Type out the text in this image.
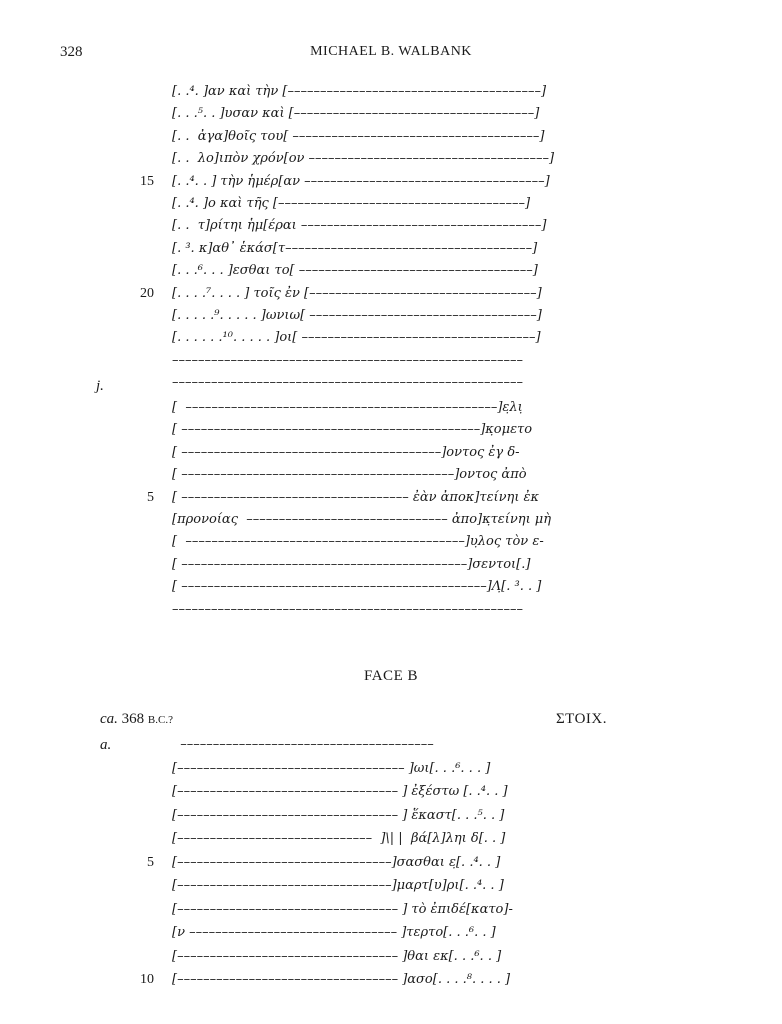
328	MICHAEL B. WALBANK
[. .⁴. ]αν καὶ τὴν [–––––––––––––––––––––––––––––––––––––––]
[. . .⁵. . ]υσαν καὶ [–––––––––––––––––––––––––––––––––––––]
[. .  ἀγα]θοῖς του[ ––––––––––––––––––––––––––––––––––––––]
[. .  λο]ιπὸν χρόν[ον –––––––––––––––––––––––––––––––––––––]
15 [. .⁴. . ] τὴν ἡμέρ[αν –––––––––––––––––––––––––––––––––––––]
[. .⁴. ]ο καὶ τῆς [––––––––––––––––––––––––––––––––––––––]
[. .  τ]ρίτηι ἡμ[έραι –––––––––––––––––––––––––––––––––––––]
[. ³. κ]αθ᾽ ἑκάσ[τ––––––––––––––––––––––––––––––––––––––]
[. . .⁶. . . ]εσθαι το[ ––––––––––––––––––––––––––––––––––––]
20 [. . . .⁷. . . . ] τοῖς ἐν [–––––––––––––––––––––––––––––––––––]
[. . . . .⁹. . . . . ]ωνιω[ –––––––––––––––––––––––––––––––––––]
[. . . . . .¹⁰. . . . . ]οι[ ––––––––––––––––––––––––––––––––––––]
––––––––––––––––––––––––––––––––––––––––––––––––––––––
––––––––––––––––––––––––––––––––––––––––––––––––––––––
j.
[  ––––––––––––––––––––––––––––––––––––––––––––––––]ε̣λι̣
[ ––––––––––––––––––––––––––––––––––––––––––––––]κ̣ομετο
[ ––––––––––––––––––––––––––––––––––––––––]οντος ἐγ δ-
[ ––––––––––––––––––––––––––––––––––––––––––]οντος ἀπὸ
5 [ ––––––––––––––––––––––––––––––––––– ἐὰν ἀποκ]τείνηι ἐκ
[προνοίας  ––––––––––––––––––––––––––––––– ἀπο]κ̣τείνηι μὴ
[  –––––––––––––––––––––––––––––––––––––––––––]υ̣λος τὸν ε-
[ ––––––––––––––––––––––––––––––––––––––––––––]σεντοι[.]
[ –––––––––––––––––––––––––––––––––––––––––––––––]Λ̣[. ³. . ]
––––––––––––––––––––––––––––––––––––––––––––––––––––––
FACE B
ca. 368 B.C.?	ΣΤΟΙΧ.
a.	–––––––––––––––––––––––––––––––––––––––
[––––––––––––––––––––––––––––––––––– ]ωι[. . .⁶. . . ]
[–––––––––––––––––––––––––––––––––– ] ἐξέστω [. .⁴. . ]
[–––––––––––––––––––––––––––––––––– ] ἕκαστ[. . .⁵. . ]
[––––––––––––––––––––––––––––––  ]\| |  βά[λ]ληι δ[. . ]
5 [–––––––––––––––––––––––––––––––––]σασθαι ε̣[. .⁴. . ]
[–––––––––––––––––––––––––––––––––]μαρτ[υ]ρι[. .⁴. . ]
[–––––––––––––––––––––––––––––––––– ] τὸ ἐπιδέ[κατο]-
[ν –––––––––––––––––––––––––––––––– ]τερτο[. . .⁶. . ]
[–––––––––––––––––––––––––––––––––– ]θαι εκ[. . .⁶. . ]
10 [–––––––––––––––––––––––––––––––––– ]ασο[. . . .⁸. . . . ]
